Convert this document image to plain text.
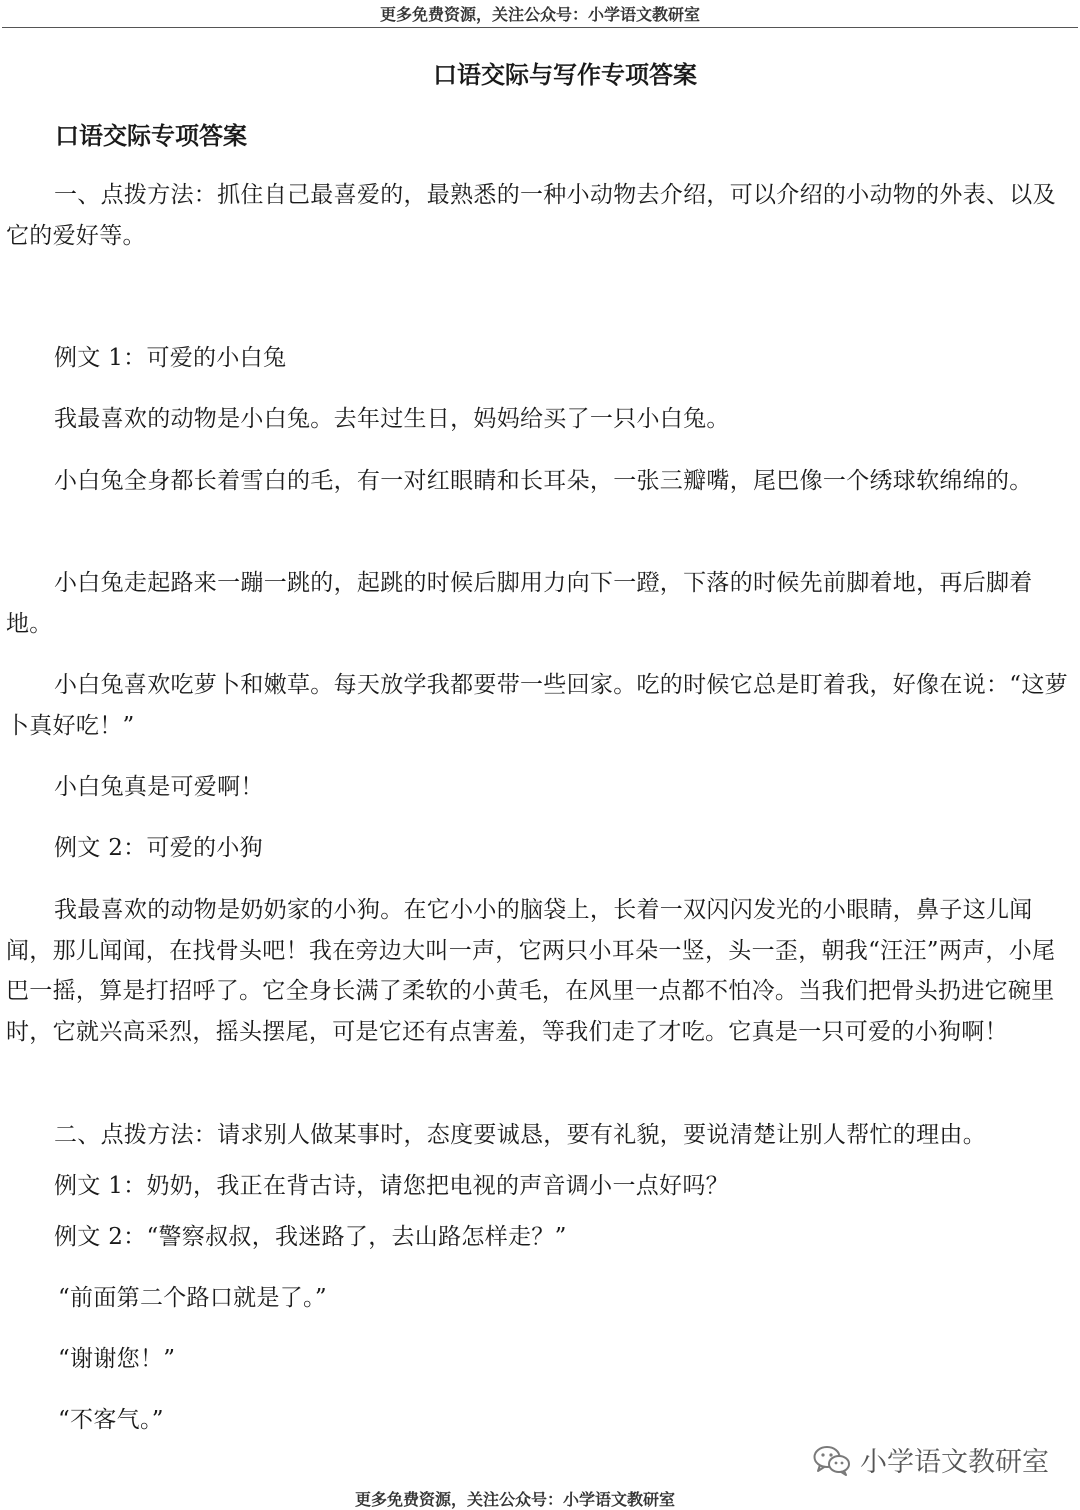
更多免费资源，关注公众号：小学语文教研室
口语交际与写作专项答案
口语交际专项答案
一、点拨方法：抓住自己最喜爱的，最熟悉的一种小动物去介绍，可以介绍的小动物的外表、以及它的爱好等。
例文 1：可爱的小白兔
我最喜欢的动物是小白兔。去年过生日，妈妈给买了一只小白兔。
小白兔全身都长着雪白的毛，有一对红眼睛和长耳朵，一张三瓣嘴，尾巴像一个绣球软绵绵的。
小白兔走起路来一蹦一跳的，起跳的时候后脚用力向下一蹬，下落的时候先前脚着地，再后脚着地。
小白兔喜欢吃萝卜和嫩草。每天放学我都要带一些回家。吃的时候它总是盯着我，好像在说：“这萝卜真好吃！”
小白兔真是可爱啊！
例文 2：可爱的小狗
我最喜欢的动物是奶奶家的小狗。在它小小的脑袋上，长着一双闪闪发光的小眼睛，鼻子这儿闻闻，那儿闻闻，在找骨头吧！我在旁边大叫一声，它两只小耳朵一竖，头一歪，朝我“汪汪”两声，小尾巴一摇，算是打招呼了。它全身长满了柔软的小黄毛，在风里一点都不怕冷。当我们把骨头扔进它碗里时，它就兴高采烈，摇头摆尾，可是它还有点害羞，等我们走了才吃。它真是一只可爱的小狗啊！
二、点拨方法：请求别人做某事时，态度要诚恳，要有礼貌，要说清楚让别人帮忙的理由。
例文 1：奶奶，我正在背古诗，请您把电视的声音调小一点好吗？
例文 2：“警察叔叔，我迷路了，去山路怎样走？”
“前面第二个路口就是了。”
“谢谢您！”
“不客气。”
小学语文教研室
更多免费资源，关注公众号：小学语文教研室
